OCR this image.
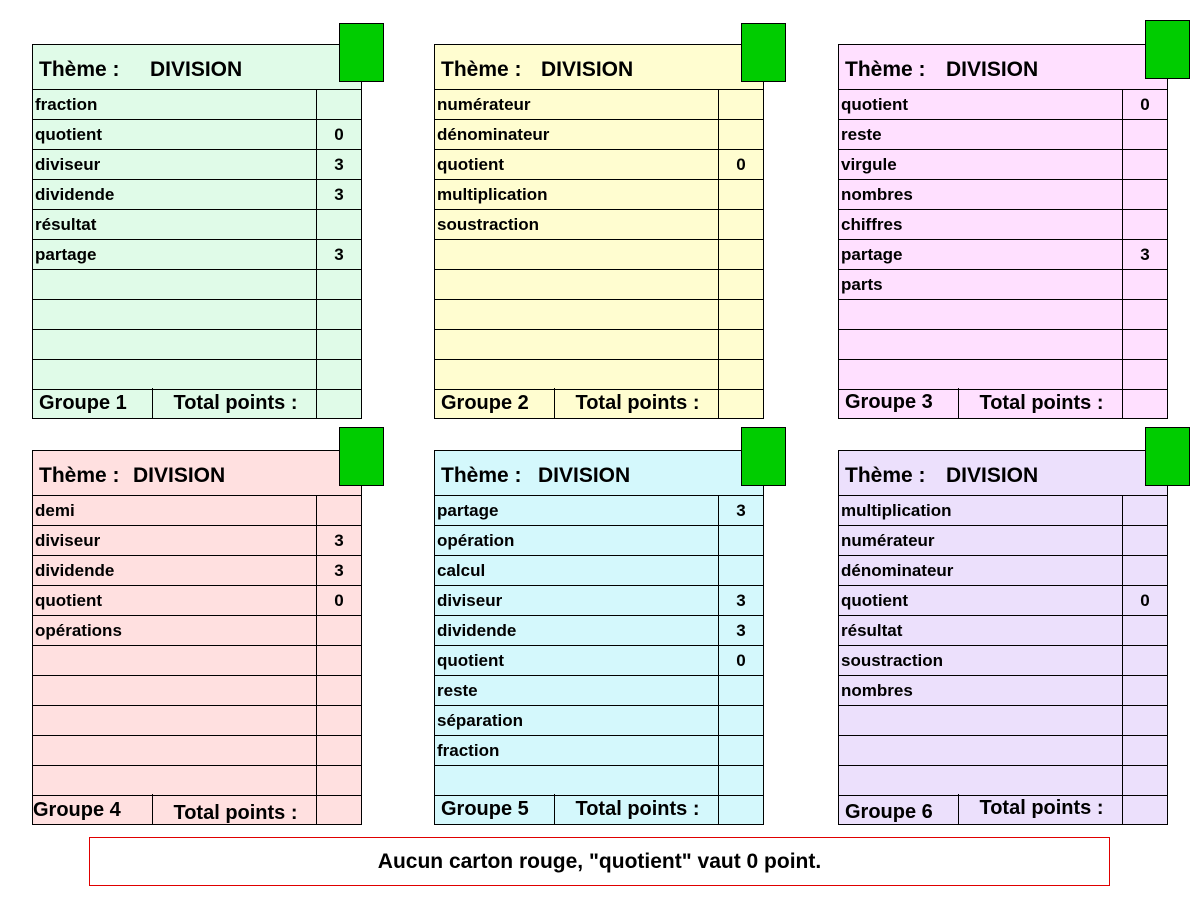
Thème : DIVISION
fraction
quotient	0
diviseur	3
dividende	3
résultat
partage	3
Groupe 1	Total points :
Thème : DIVISION
numérateur
dénominateur
quotient	0
multiplication
soustraction
Groupe 2	Total points :
Thème : DIVISION
quotient	0
reste
virgule
nombres
chiffres
partage	3
parts
Groupe 3	Total points :
Thème : DIVISION
demi
diviseur	3
dividende	3
quotient	0
opérations
Groupe 4	Total points :
Thème : DIVISION
partage	3
opération
calcul
diviseur	3
dividende	3
quotient	0
reste
séparation
fraction
Groupe 5	Total points :
Thème : DIVISION
multiplication
numérateur
dénominateur
quotient	0
résultat
soustraction
nombres
Groupe 6	Total points :
Aucun carton rouge, "quotient" vaut 0 point.
